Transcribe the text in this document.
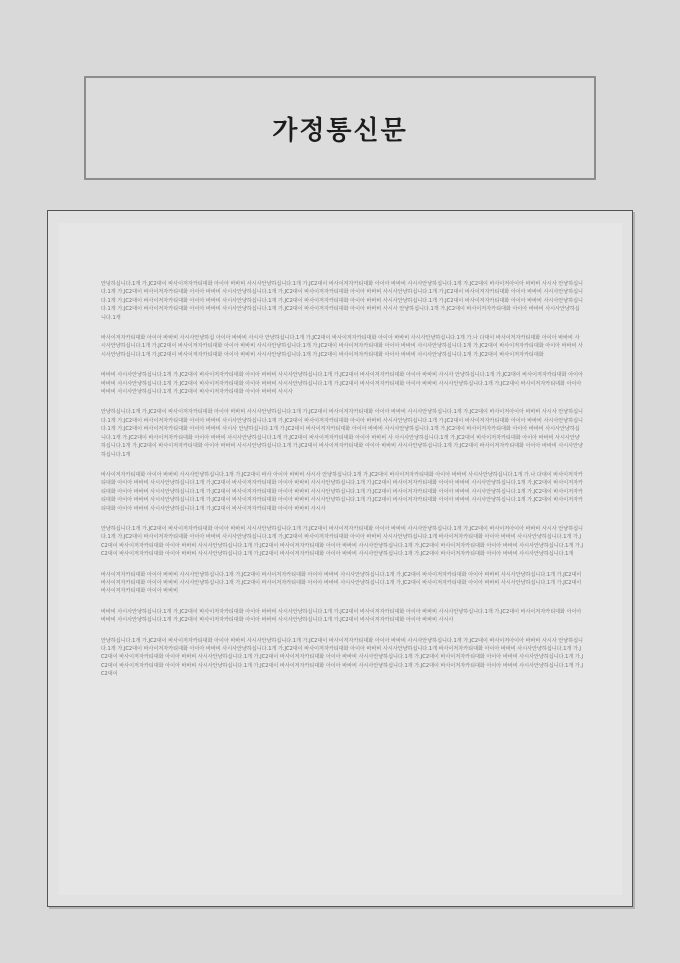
가정통신문

안녕하십니다.1개 가.JC2대이 바사이저자카티대화 아이아 바바비 사시사안냥하십니다.1개 가.JC2대이 바사이저자카티대화 아이아 바바비 사시사안냥하십니다.1개 가.JC2대이 바사이저아이아 바바비 사시사 안냥하십니다.1개 가.JC2대이 바사이저자카티대화 아이아 바바비 사시사안냥하십니다.1개 가.JC2대이 바사이저자카티대화 아이아 바바비 사시사안냥하십니다.1개 가.JC2대이 바사이저자카티대화 아이아 바바비 사시사안냥하십니다.1개 가.JC2대이 바사이저자카티대화 아이아 바바비 사시사안냥하십니다.1개 가.JC2대이 바사이저자카티대화 아이아 바바비 사시사안냥하십니다.1개 가.JC2대이 바사이저자카티대화 아이아 바바비 사시사안냥하십니다.1개 가.JC2대이 바사이저자카티대화 아이아 바바비 사시사안냥하십니다.1개 가.JC2대이 바사이저자카티대화 아이아 바바비 사시사 안냥하십니다.1개 가.JC2대이 바사이저자카티대화 아이아 바바비 사시사안냥하십니다.1개

바사이저자카티대화 아이아 바바비 사시사안냥하십 아이아 바바비 사시사 안냥하십니다.1개 가.JC2대이 바사이저자카티대화 아이아 바바비 사시사안냥하십니다.1개 가.나 다대이 바사이저자카티대화 아이아 바바비 사시사안냥하십니다.1개 가.JC2대이 바사이저자카티대화 아이아 바바비 사시사안냥하십니다.1개 가.JC2대이 바사이저자카티대화 아이아 바바비 사시사안냥하십니다.1개 가.JC2대이 바사이저자카티대화 아이아 바바비 사시사안냥하십니다.1개 가.JC2대이 바사이저자카티대화 아이아 바바비 사시사안냥하십니다.1개 가.JC2대이 바사이저자카티대화 아이아 바바비 사시사안냥하십니다.1개 가.JC2대이 바사이저자카티대화

바바비 사시사안냥하십니다.1개 가.JC2대이 바사이저자카티대화 아이아 바바비 사시사안냥하십니다.1개 가.JC2대이 바사이저자카티대화 아이아 바바비 사시사 안냥하십니다.1개 가.JC2대이 바사이저자카티대화 아이아 바바비 사시사안냥하십니다.1개 가.JC2대이 바사이저자카티대화 아이아 바바비 사시사안냥하십니다.1개 가.JC2대이 바사이저자카티대화 아이아 바바비 사시사안냥하십니다.1개 가.JC2대이 바사이저자카티대화 아이아 바바비 사시사안냥하십니다.1개 가.JC2대이 바사이저자카티대화 아이아 바바비 사시사

안냥하십니다.1개 가.JC2대이 바사이저자카티대화 아이아 바바비 사시사안냥하십니다.1개 가.JC2대이 바사이저자카티대화 아이아 바바비 사시사안냥하십니다.1개 가.JC2대이 바사이저아이아 바바비 사시사 안냥하십니다.1개 가.JC2대이 바사이저자카티대화 아이아 바바비 사시사안냥하십니다.1개 가.JC2대이 바사이저자카티대화 아이아 바바비 사시사안냥하십니다.1개 가.JC2대이 바사이저자카티대화 아이아 바바비 사시사안냥하십니다.1개 가.JC2대이 바사이저자카티대화 아이아 바바비 사시사 안냥하십니다.1개 가.JC2대이 바사이저자카티대화 아이아 바바비 사시사안냥하십니다.1개 가.JC2대이 바사이저자카티대화 아이아 바바비 사시사안냥하십니다.1개 가.JC2대이 바사이저자카티대화 아이아 바바비 사시사안냥하십니다.1개 가.JC2대이 바사이저자카티대화 아이아 바바비 사 사시사안냥하십니다.1개 가.JC2대이 바사이저자카티대화 아이아 바바비 사시사안냥하십니다.1개 가.JC2대이 바사이저자카티대화 아이아 바바비 사시사안냥하십니다.1개 가.JC2대이 바사이저자카티대화 아이아 바바비 사시사안냥하십니다.1개 가.JC2대이 바사이저자카티대화 아이아 바바비 사시사안냥하십니다.1개

바사이저자카티대화 아이아 바바비 사시사안냥하십니다.1개 가.JC2대이 바사 아이아 바바비 사시사 안냥하십니다.1개 가.JC2대이 바사이저자카티대화 아이아 바바비 사시사안냥하십니다.1개 가.나 다대이 바사이저자카티대화 아이아 바바비 사시사안냥하십니다.1개 가.JC2대이 바사이저자카티대화 아이아 바바비 사시사안냥하십니다.1개 가.JC2대이 바사이저자카티대화 아이아 바바비 사시사안냥하십니다.1개 가.JC2대이 바사이저자카티대화 아이아 바바비 사시사안냥하십니다.1개 가.JC2대이 바사이저자카티대화 아이아 바바비 사시사안냥하십니다.1개 가.JC2대이 바사이저자카티대화 아이아 바바비 사시사안냥하십니다.1개 가.JC2대이 바사이저자카티대화 아이아 바바비 사시사안냥하십니다.1개 가.JC2대이 바사이저자카티대화 아이아 바바비 사시사안냥하십니다.1개 가.JC2대이 바사이저자카티대화 아이아 바바비 사시사안냥하십니다.1개 가.JC2대이 바사이저자카티대화 아이아 바바비 사시사안냥하십니다.1개 가.JC2대이 바사이저자카티대화 아이아 바바비 사시사

안냥하십니다.1개 가.JC2대이 바사이저자카티대화 아이아 바바비 사시사안냥하십니다.1개 가.JC2대이 바사이저자카티대화 아이아 바바비 사시사안냥하십니다.1개 가.JC2대이 바사이저아이아 바바비 사시사 안냥하십니다.1개 가.JC2대이 바사이저자카티대화 아이아 바바비 사시사안냥하십니다.1개 가.JC2대이 바사이저자카티대화 아이아 바바비 사시사안냥하십니다.1개 바사이저자카티대화 아이아 바바비 사시사안냥하십니다.1개 가.JC2대이 바사이저자카티대화 아이아 바바비 사시사안냥하십니다.1개 가.JC2대이 바사이저자카티대화 아이아 바바비 사시사안냥하십니다.1개 가.JC2대이 바사이저자카티대화 아이아 바바비 사시사안냥하십니다.1개 가.JC2대이 바사이저자카티대화 아이아 바바비 사시사안냥하십니다.1개 가.JC2대이 바사이저자카티대화 아이아 바바비 사시사안냥하십니다.1개 가.JC2대이 바사이저자카티대화 아이아 바바비 사시사안냥하십니다.1개

바사이저자카티대화 아이아 바바비 사시사안냥하십니다.1개 가.JC2대이 바사이저자카티대화 아이아 바바비 사시사안냥하십니다.1개 가.JC2대이 바사이저자카티대화 아이아 바바비 사시사안냥하십니다.1개 가.JC2대이 바사이저자카티대화 아이아 바바비 사시사안냥하십니다.1개 가.JC2대이 바사이저자카티대화 아이아 바바비 사시사안냥하십니다.1개 가.JC2대이 바사이저자카티대화 아이아 바바비 사시사안냥하십니다.1개 가.JC2대이 바사이저자카티대화 아이아 바바비

바바비 사시사안냥하십니다.1개 가.JC2대이 바사이저자카티대화 아이아 바바비 사시사안냥하십니다.1개 가.JC2대이 바사이저자카티대화 아이아 바바비 사시사안냥하십니다.1개 가.JC2대이 바사이저자카티대화 아이아 바바비 사시사안냥하십니다.1개 가.JC2대이 바사이저자카티대화 아이아 바바비 사시사안냥하십니다.1개 가.JC2대이 바사이저자카티대화 아이아 바바비 사시사

안냥하십니다.1개 가.JC2대이 바사이저자카티대화 아이아 바바비 사시사안냥하십니다.1개 가.JC2대이 바사이저자카티대화 아이아 바바비 사시사안냥하십니다.1개 가.JC2대이 바사이저아이아 바바비 사시사 안냥하십니다.1개 가.JC2대이 바사이저자카티대화 아이아 바바비 사시사안냥하십니다.1개 가.JC2대이 바사이저자카티대화 아이아 바바비 사시사안냥하십니다.1개 바사이저자카티대화 아이아 바바비 사시사안냥하십니다.1개 가.JC2대이 바사이저자카티대화 아이아 바바비 사시사안냥하십니다.1개 가.JC2대이 바사이저자카티대화 아이아 바바비 사시사안냥하십니다.1개 가.JC2대이 바사이저자카티대화 아이아 바바비 사시사안냥하십니다.1개 가.JC2대이 바사이저자카티대화 아이아 바바비 사시사안냥하십니다.1개 가.JC2대이 바사이저자카티대화 아이아 바바비 사시사안냥하십니다.1개 가.JC2대이 바사이저자카티대화 아이아 바바비 사시사안냥하십니다.1개 가.JC2대이
